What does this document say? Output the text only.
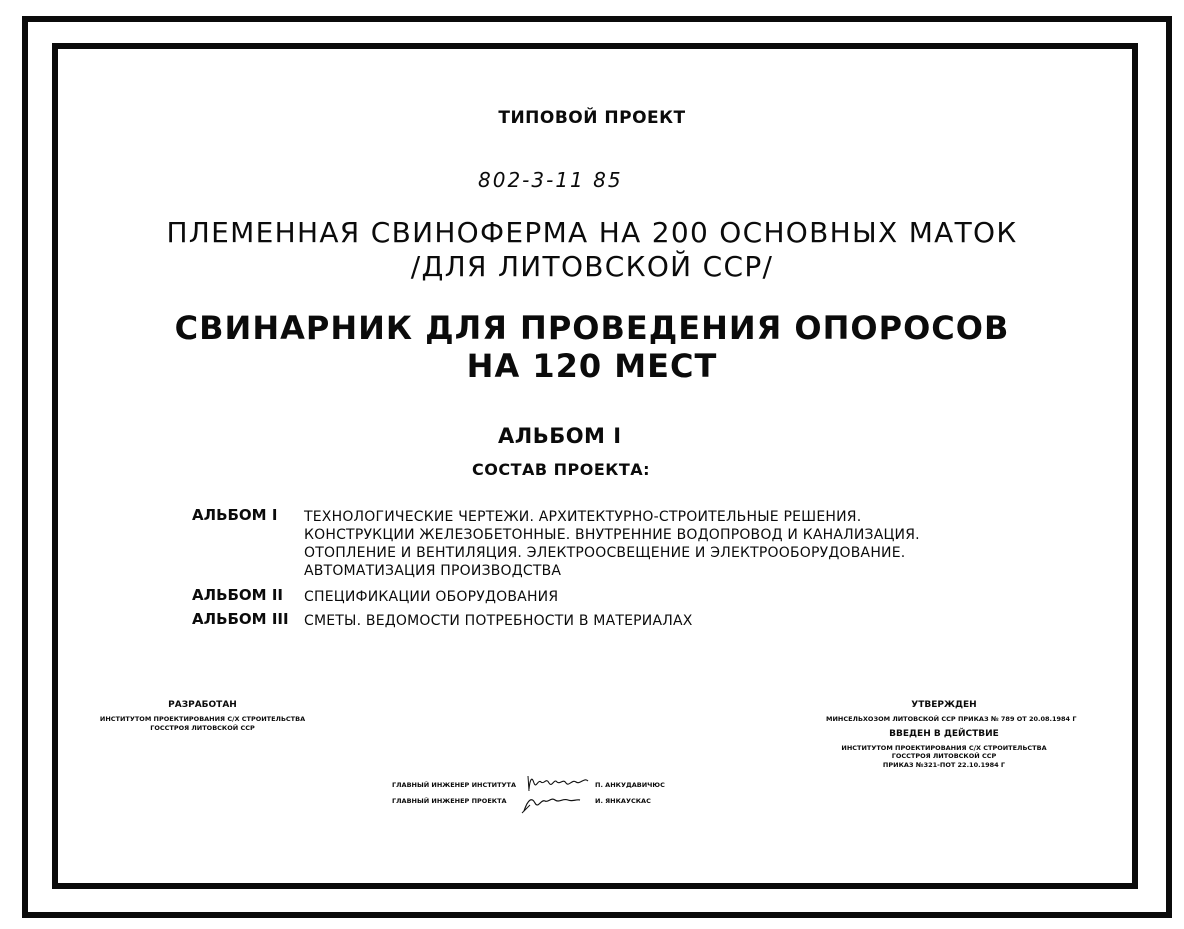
ТИПОВОЙ ПРОЕКТ
802-3-11 85
ПЛЕМЕННАЯ СВИНОФЕРМА НА 200 ОСНОВНЫХ МАТОК
/ДЛЯ ЛИТОВСКОЙ ССР/
СВИНАРНИК ДЛЯ ПРОВЕДЕНИЯ ОПОРОСОВ
НА 120 МЕСТ
АЛЬБОМ I
СОСТАВ ПРОЕКТА:
АЛЬБОМ I ТЕХНОЛОГИЧЕСКИЕ ЧЕРТЕЖИ. АРХИТЕКТУРНО-СТРОИТЕЛЬНЫЕ РЕШЕНИЯ.
КОНСТРУКЦИИ ЖЕЛЕЗОБЕТОННЫЕ. ВНУТРЕННИЕ ВОДОПРОВОД И КАНАЛИЗАЦИЯ.
ОТОПЛЕНИЕ И ВЕНТИЛЯЦИЯ. ЭЛЕКТРООСВЕЩЕНИЕ И ЭЛЕКТРООБОРУДОВАНИЕ.
АВТОМАТИЗАЦИЯ ПРОИЗВОДСТВА
АЛЬБОМ II СПЕЦИФИКАЦИИ ОБОРУДОВАНИЯ
АЛЬБОМ III СМЕТЫ. ВЕДОМОСТИ ПОТРЕБНОСТИ В МАТЕРИАЛАХ
РАЗРАБОТАН
ИНСТИТУТОМ ПРОЕКТИРОВАНИЯ С/Х СТРОИТЕЛЬСТВА
ГОССТРОЯ ЛИТОВСКОЙ ССР
УТВЕРЖДЕН
МИНСЕЛЬХОЗОМ ЛИТОВСКОЙ ССР ПРИКАЗ № 789 ОТ 20.08.1984 Г
ВВЕДЕН В ДЕЙСТВИЕ
ИНСТИТУТОМ ПРОЕКТИРОВАНИЯ С/Х СТРОИТЕЛЬСТВА
ГОССТРОЯ ЛИТОВСКОЙ ССР
ПРИКАЗ №321-ПОТ 22.10.1984 Г
ГЛАВНЫЙ ИНЖЕНЕР ИНСТИТУТА	П. АНКУДАВИЧЮС
ГЛАВНЫЙ ИНЖЕНЕР ПРОЕКТА	И. ЯНКАУСКАС
